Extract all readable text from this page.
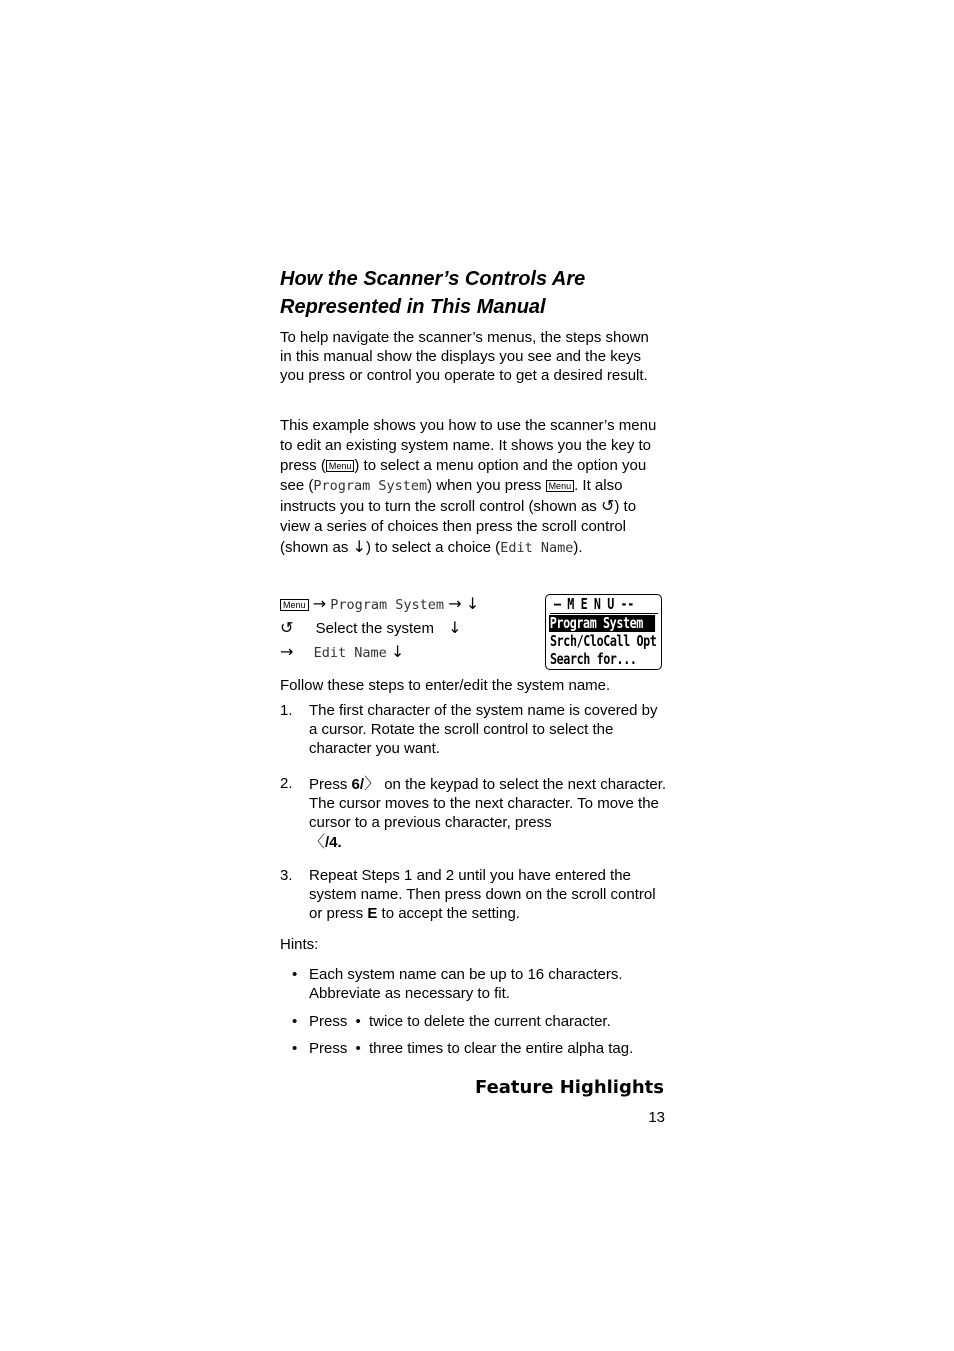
How the Scanner’s Controls Are
Represented in This Manual

To help navigate the scanner’s menus, the steps shown in this manual show the displays you see and the keys you press or control you operate to get a desired result.

This example shows you how to use the scanner’s menu to edit an existing system name. It shows you the key to press ( Menu ) to select a menu option and the option you see (Program System) when you press Menu . It also instructs you to turn the scroll control (shown as ↺) to view a series of choices then press the scroll control (shown as ↓) to select a choice (Edit Name).

Menu → Program System → ↓
↺ Select the system ↓
→ Edit Name ↓
— M E N U --
Program System
Srch/CloCall Opt
Search for...

Follow these steps to enter/edit the system name.

1. The first character of the system name is covered by a cursor. Rotate the scroll control to select the character you want.
2. Press 6/〉 on the keypad to select the next character. The cursor moves to the next character. To move the cursor to a previous character, press
〈/4.
3. Repeat Steps 1 and 2 until you have entered the system name. Then press down on the scroll control or press E to accept the setting.

Hints:

• Each system name can be up to 16 characters. Abbreviate as necessary to fit.
• Press • twice to delete the current character.
• Press • three times to clear the entire alpha tag.
Feature Highlights
13
